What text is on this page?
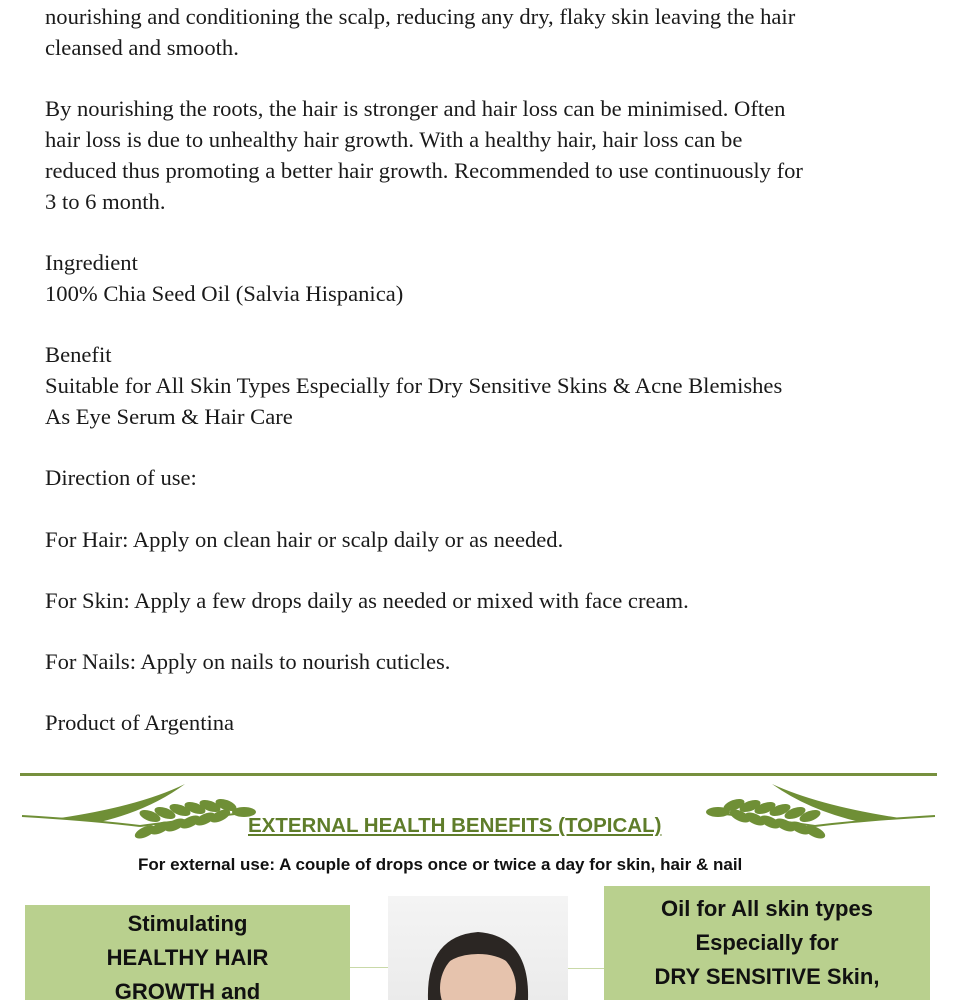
nourishing and conditioning the scalp, reducing any dry, flaky skin leaving the hair
cleansed and smooth.
By nourishing the roots, the hair is stronger and hair loss can be minimised. Often
hair loss is due to unhealthy hair growth. With a healthy hair, hair loss can be
reduced thus promoting a better hair growth. Recommended to use continuously for
3 to 6 month.
Ingredient
100% Chia Seed Oil (Salvia Hispanica)
Benefit
Suitable for All Skin Types Especially for Dry Sensitive Skins & Acne Blemishes
As Eye Serum & Hair Care
Direction of use:
For Hair: Apply on clean hair or scalp daily or as needed.
For Skin: Apply a few drops daily as needed or mixed with face cream.
For Nails: Apply on nails to nourish cuticles.
Product of Argentina
EXTERNAL HEALTH BENEFITS (TOPICAL)
For external use: A couple of drops once or twice a day for skin, hair & nail
Stimulating
HEALTHY HAIR
GROWTH and
Oil for All skin types
Especially for
DRY SENSITIVE Skin,
